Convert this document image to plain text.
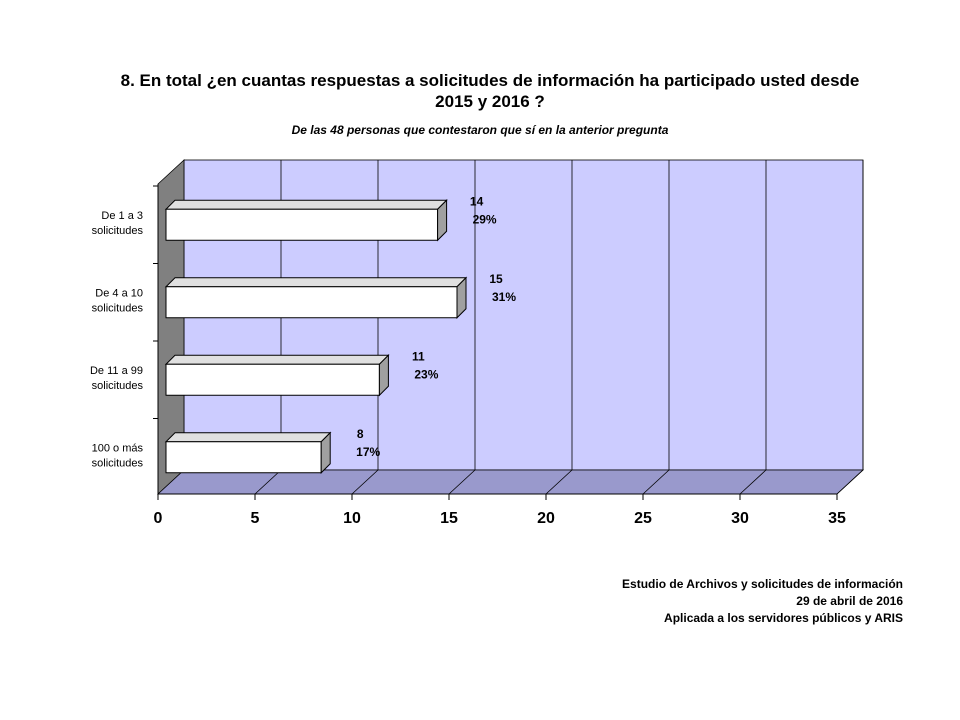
8. En total ¿en cuantas respuestas a solicitudes de información ha participado usted desde 2015 y 2016 ?
De las 48 personas que contestaron que sí en la anterior pregunta
0	5	10	15	20	25	30	35
14
29%
De 1 a 3 solicitudes
15
31%
De 4 a 10 solicitudes
11
23%
De 11 a 99 solicitudes
8
17%
100 o más solicitudes
Estudio de Archivos y solicitudes de información
29 de abril de 2016
Aplicada a los servidores públicos y ARIS
